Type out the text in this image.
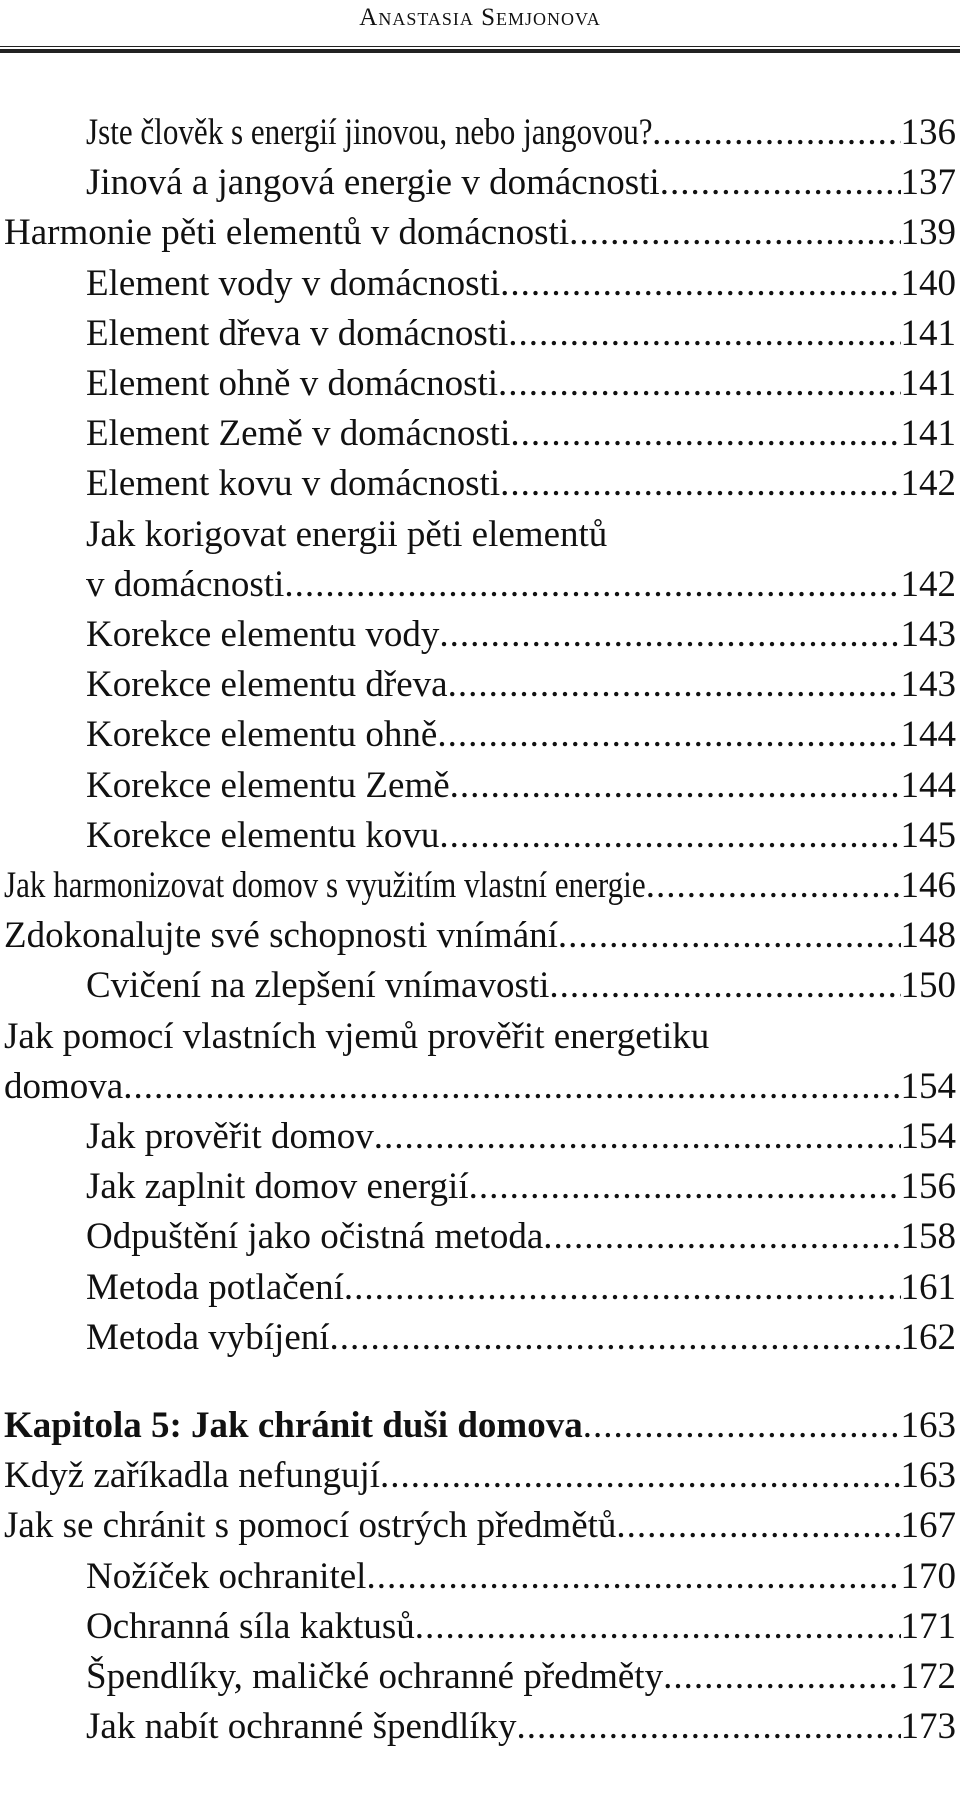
Anastasia Semjonova
Jste člověk s energií jinovou, nebo jangovou? .....	136
Jinová a jangová energie v domácnosti .....	137
Harmonie pěti elementů v domácnosti .....	139
Element vody v domácnosti .....	140
Element dřeva v domácnosti .....	141
Element ohně v domácnosti .....	141
Element Země v domácnosti .....	141
Element kovu v domácnosti .....	142
Jak korigovat energii pěti elementů
v domácnosti .....	142
Korekce elementu vody .....	143
Korekce elementu dřeva .....	143
Korekce elementu ohně .....	144
Korekce elementu Země .....	144
Korekce elementu kovu .....	145
Jak harmonizovat domov s využitím vlastní energie .....	146
Zdokonalujte své schopnosti vnímání .....	148
Cvičení na zlepšení vnímavosti .....	150
Jak pomocí vlastních vjemů prověřit energetiku
domova .....	154
Jak prověřit domov .....	154
Jak zaplnit domov energií .....	156
Odpuštění jako očistná metoda .....	158
Metoda potlačení .....	161
Metoda vybíjení .....	162
Kapitola 5: Jak chránit duši domova .....	163
Když zaříkadla nefungují .....	163
Jak se chránit s pomocí ostrých předmětů .....	167
Nožíček ochranitel .....	170
Ochranná síla kaktusů .....	171
Špendlíky, maličké ochranné předměty .....	172
Jak nabít ochranné špendlíky .....	173
